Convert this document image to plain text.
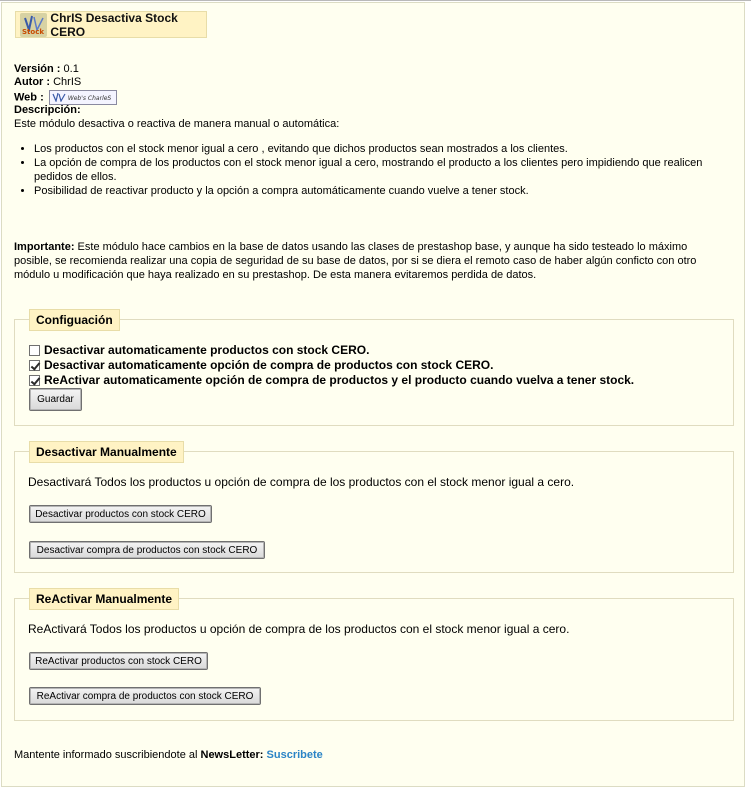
Stock
ChrIS Desactiva Stock CERO
Versión : 0.1
Autor : ChrIS
Web :	Web's CharleS
Descripción:
Este módulo desactiva o reactiva de manera manual o automática:
• Los productos con el stock menor igual a cero , evitando que dichos productos sean mostrados a los clientes.
• La opción de compra de los productos con el stock menor igual a cero, mostrando el producto a los clientes pero impidiendo que realicen pedidos de ellos.
• Posibilidad de reactivar producto y la opción a compra automáticamente cuando vuelve a tener stock.
Importante: Este módulo hace cambios en la base de datos usando las clases de prestashop base, y aunque ha sido testeado lo máximo posible, se recomienda realizar una copia de seguridad de su base de datos, por si se diera el remoto caso de haber algún conficto con otro módulo u modificación que haya realizado en su prestashop. De esta manera evitaremos perdida de datos.
Configuación
Desactivar automaticamente productos con stock CERO.
Desactivar automaticamente opción de compra de productos con stock CERO.
ReActivar automaticamente opción de compra de productos y el producto cuando vuelva a tener stock.
Guardar
Desactivar Manualmente
Desactivará Todos los productos u opción de compra de los productos con el stock menor igual a cero.
Desactivar productos con stock CERO
Desactivar compra de productos con stock CERO
ReActivar Manualmente
ReActivará Todos los productos u opción de compra de los productos con el stock menor igual a cero.
ReActivar productos con stock CERO
ReActivar compra de productos con stock CERO
Mantente informado suscribiendote al NewsLetter: Suscribete
